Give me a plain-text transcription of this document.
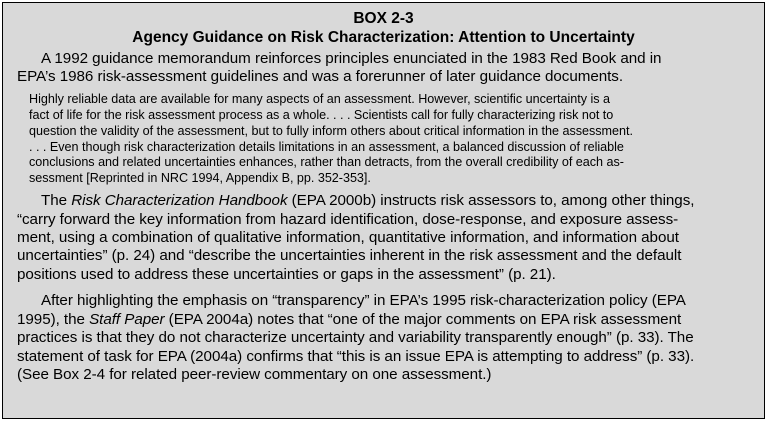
BOX 2-3
Agency Guidance on Risk Characterization: Attention to Uncertainty
A 1992 guidance memorandum reinforces principles enunciated in the 1983 Red Book and in
EPA’s 1986 risk-assessment guidelines and was a forerunner of later guidance documents.
Highly reliable data are available for many aspects of an assessment. However, scientific uncertainty is a
fact of life for the risk assessment process as a whole. . . . Scientists call for fully characterizing risk not to
question the validity of the assessment, but to fully inform others about critical information in the assessment.
. . . Even though risk characterization details limitations in an assessment, a balanced discussion of reliable
conclusions and related uncertainties enhances, rather than detracts, from the overall credibility of each as-
sessment [Reprinted in NRC 1994, Appendix B, pp. 352-353].
The Risk Characterization Handbook (EPA 2000b) instructs risk assessors to, among other things,
“carry forward the key information from hazard identification, dose-response, and exposure assess-
ment, using a combination of qualitative information, quantitative information, and information about
uncertainties” (p. 24) and “describe the uncertainties inherent in the risk assessment and the default
positions used to address these uncertainties or gaps in the assessment” (p. 21).
After highlighting the emphasis on “transparency” in EPA’s 1995 risk-characterization policy (EPA
1995), the Staff Paper (EPA 2004a) notes that “one of the major comments on EPA risk assessment
practices is that they do not characterize uncertainty and variability transparently enough” (p. 33). The
statement of task for EPA (2004a) confirms that “this is an issue EPA is attempting to address” (p. 33).
(See Box 2-4 for related peer-review commentary on one assessment.)
